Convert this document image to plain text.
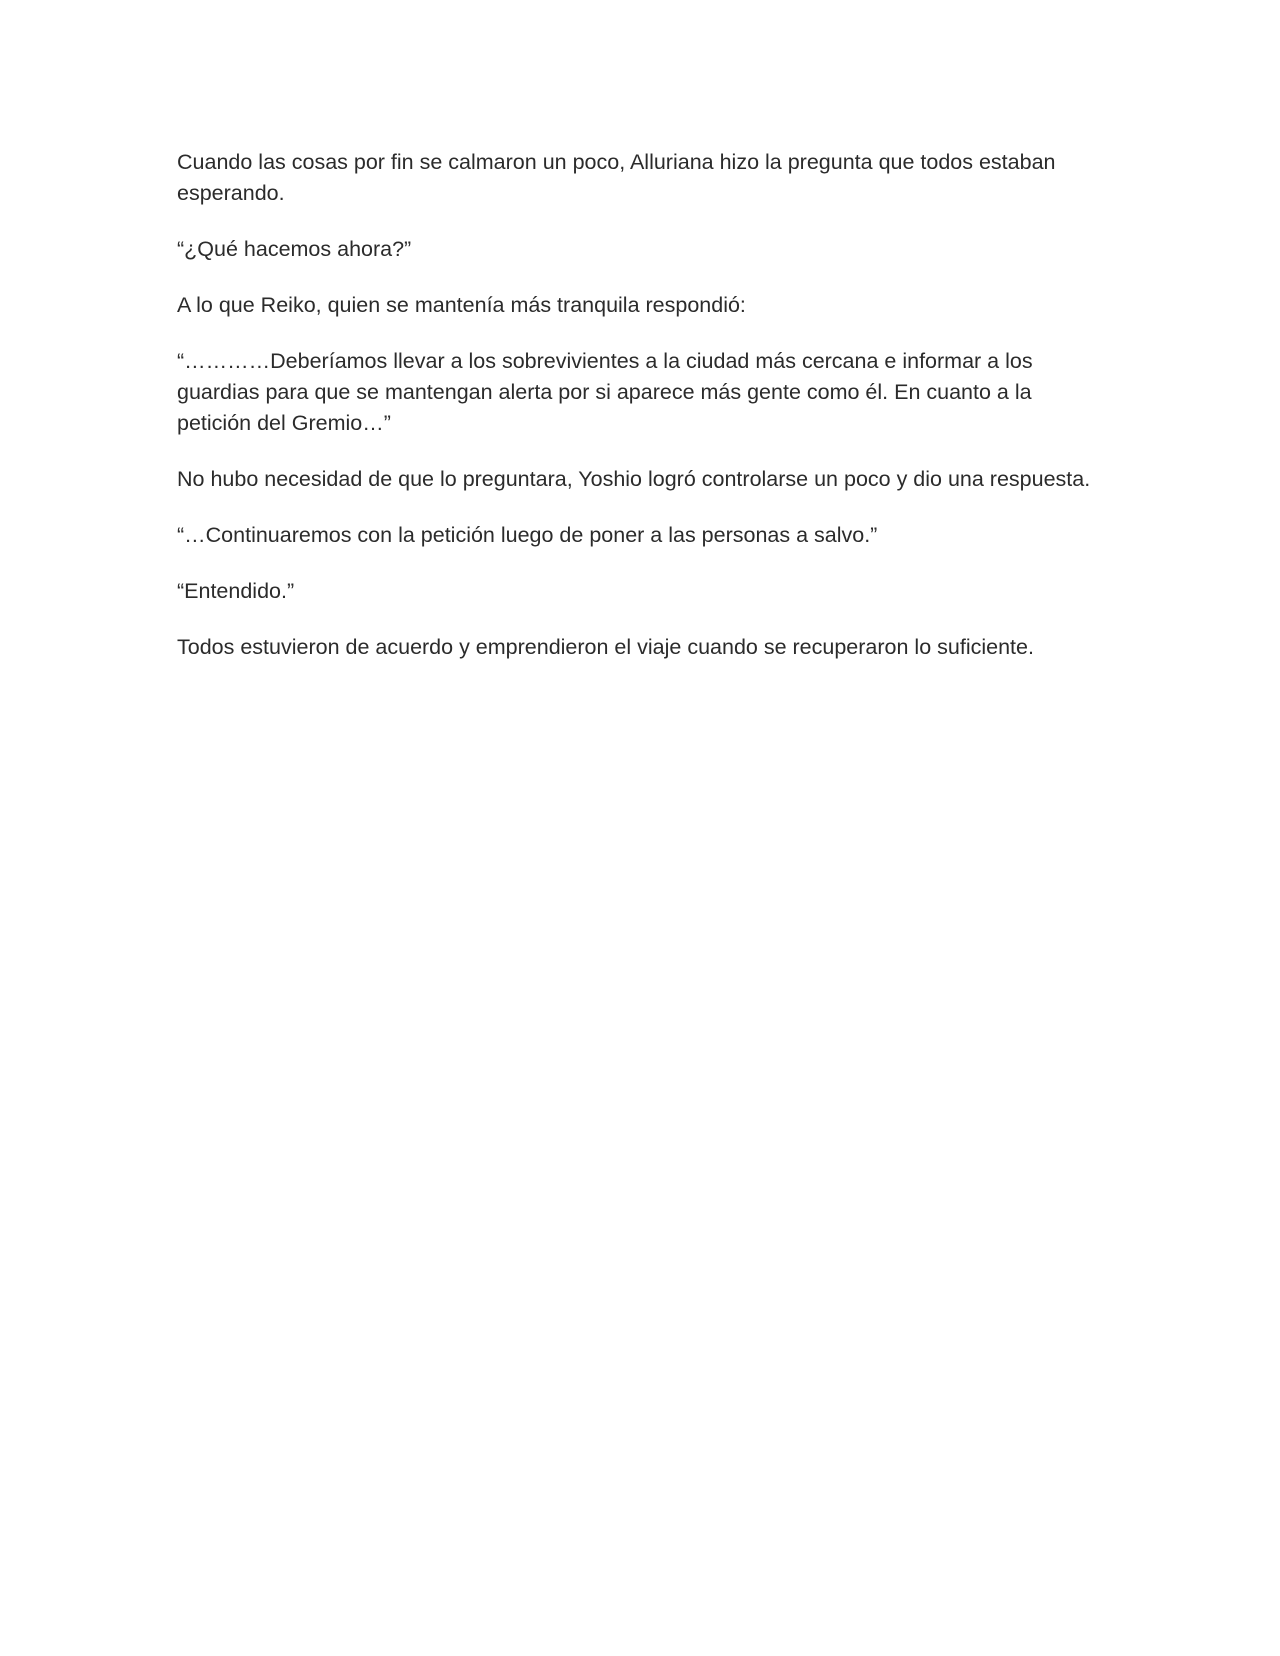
Cuando las cosas por fin se calmaron un poco, Alluriana hizo la pregunta que todos estaban esperando.

“¿Qué hacemos ahora?”

A lo que Reiko, quien se mantenía más tranquila respondió:

“…………Deberíamos llevar a los sobrevivientes a la ciudad más cercana e informar a los guardias para que se mantengan alerta por si aparece más gente como él. En cuanto a la petición del Gremio…”

No hubo necesidad de que lo preguntara, Yoshio logró controlarse un poco y dio una respuesta.

“…Continuaremos con la petición luego de poner a las personas a salvo.”

“Entendido.”

Todos estuvieron de acuerdo y emprendieron el viaje cuando se recuperaron lo suficiente.
